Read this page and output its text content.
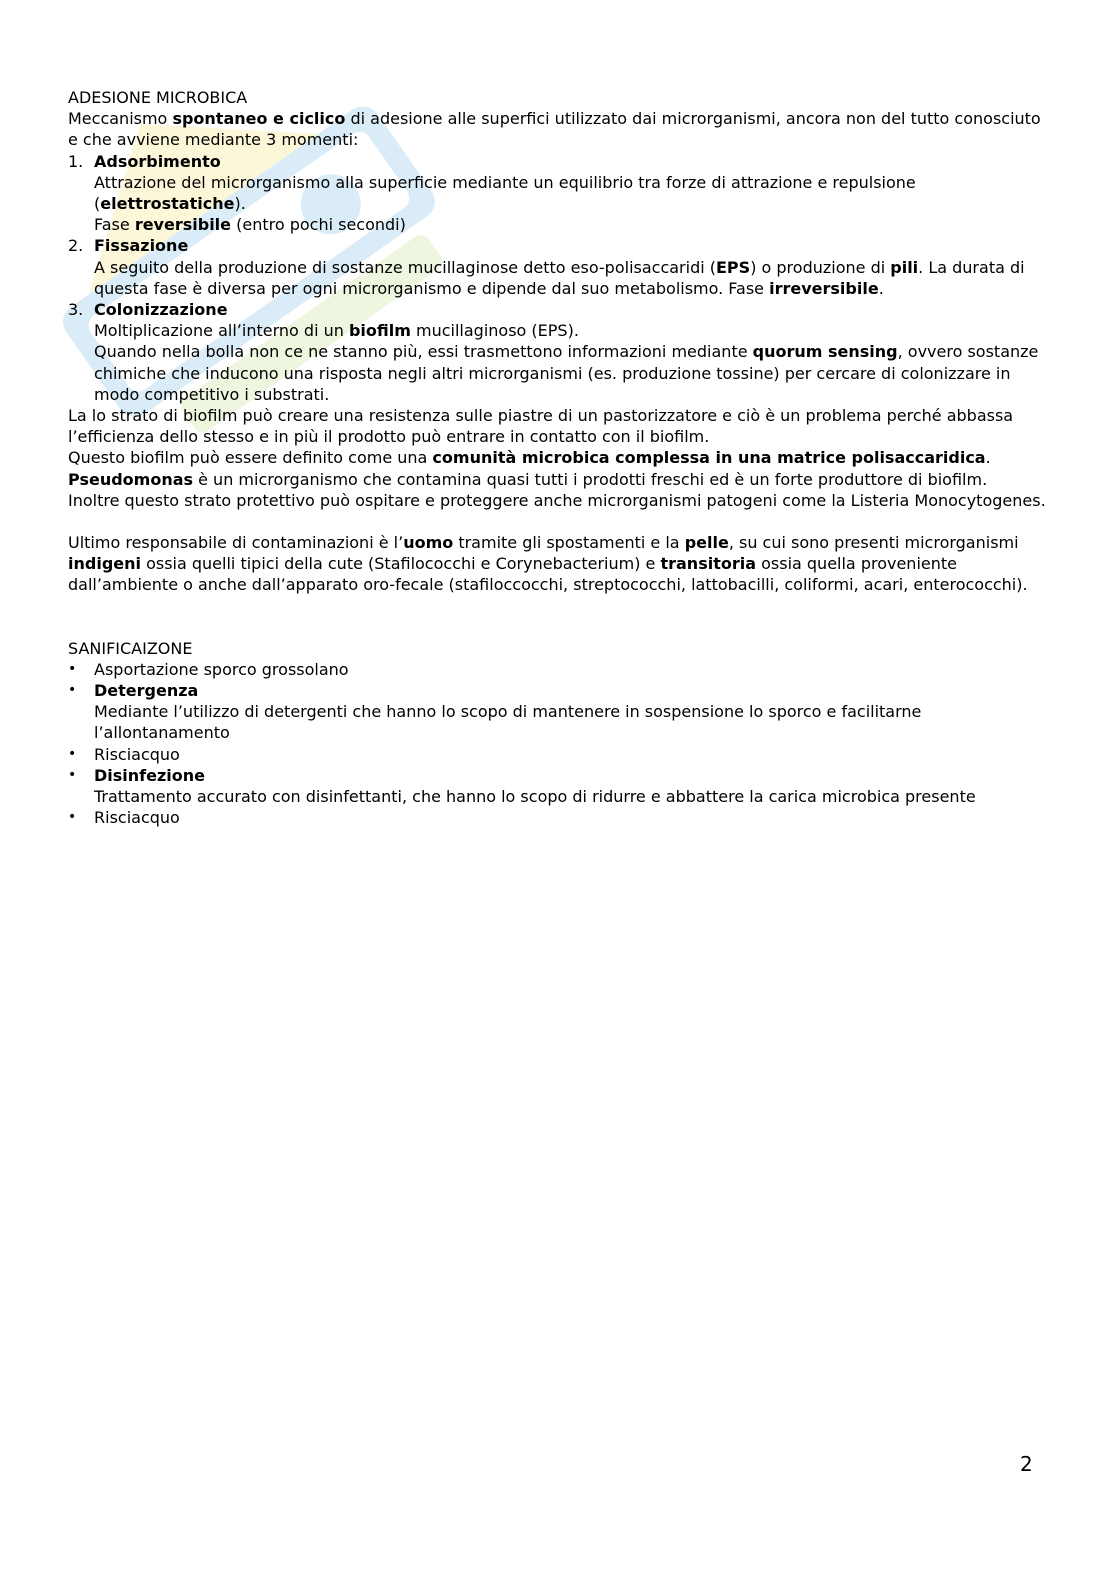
ADESIONE MICROBICA
Meccanismo spontaneo e ciclico di adesione alle superfici utilizzato dai microrganismi, ancora non del tutto conosciuto e che avviene mediante 3 momenti:
1. Adsorbimento
Attrazione del microrganismo alla superficie mediante un equilibrio tra forze di attrazione e repulsione (elettrostatiche).
Fase reversibile (entro pochi secondi)
2. Fissazione
A seguito della produzione di sostanze mucillaginose detto eso-polisaccaridi (EPS) o produzione di pili. La durata di questa fase è diversa per ogni microrganismo e dipende dal suo metabolismo. Fase irreversibile.
3. Colonizzazione
Moltiplicazione all’interno di un biofilm mucillaginoso (EPS).
Quando nella bolla non ce ne stanno più, essi trasmettono informazioni mediante quorum sensing, ovvero sostanze chimiche che inducono una risposta negli altri microrganismi (es. produzione tossine) per cercare di colonizzare in modo competitivo i substrati.
La lo strato di biofilm può creare una resistenza sulle piastre di un pastorizzatore e ciò è un problema perché abbassa l’efficienza dello stesso e in più il prodotto può entrare in contatto con il biofilm.
Questo biofilm può essere definito come una comunità microbica complessa in una matrice polisaccaridica.
Pseudomonas è un microrganismo che contamina quasi tutti i prodotti freschi ed è un forte produttore di biofilm.
Inoltre questo strato protettivo può ospitare e proteggere anche microrganismi patogeni come la Listeria Monocytogenes.
Ultimo responsabile di contaminazioni è l’uomo tramite gli spostamenti e la pelle, su cui sono presenti microrganismi indigeni ossia quelli tipici della cute (Stafilococchi e Corynebacterium) e transitoria ossia quella proveniente dall’ambiente o anche dall’apparato oro-fecale (stafiloccocchi, streptococchi, lattobacilli, coliformi, acari, enterococchi).
SANIFICAIZONE
• Asportazione sporco grossolano
• Detergenza
Mediante l’utilizzo di detergenti che hanno lo scopo di mantenere in sospensione lo sporco e facilitarne l’allontanamento
• Risciacquo
• Disinfezione
Trattamento accurato con disinfettanti, che hanno lo scopo di ridurre e abbattere la carica microbica presente
• Risciacquo
2
